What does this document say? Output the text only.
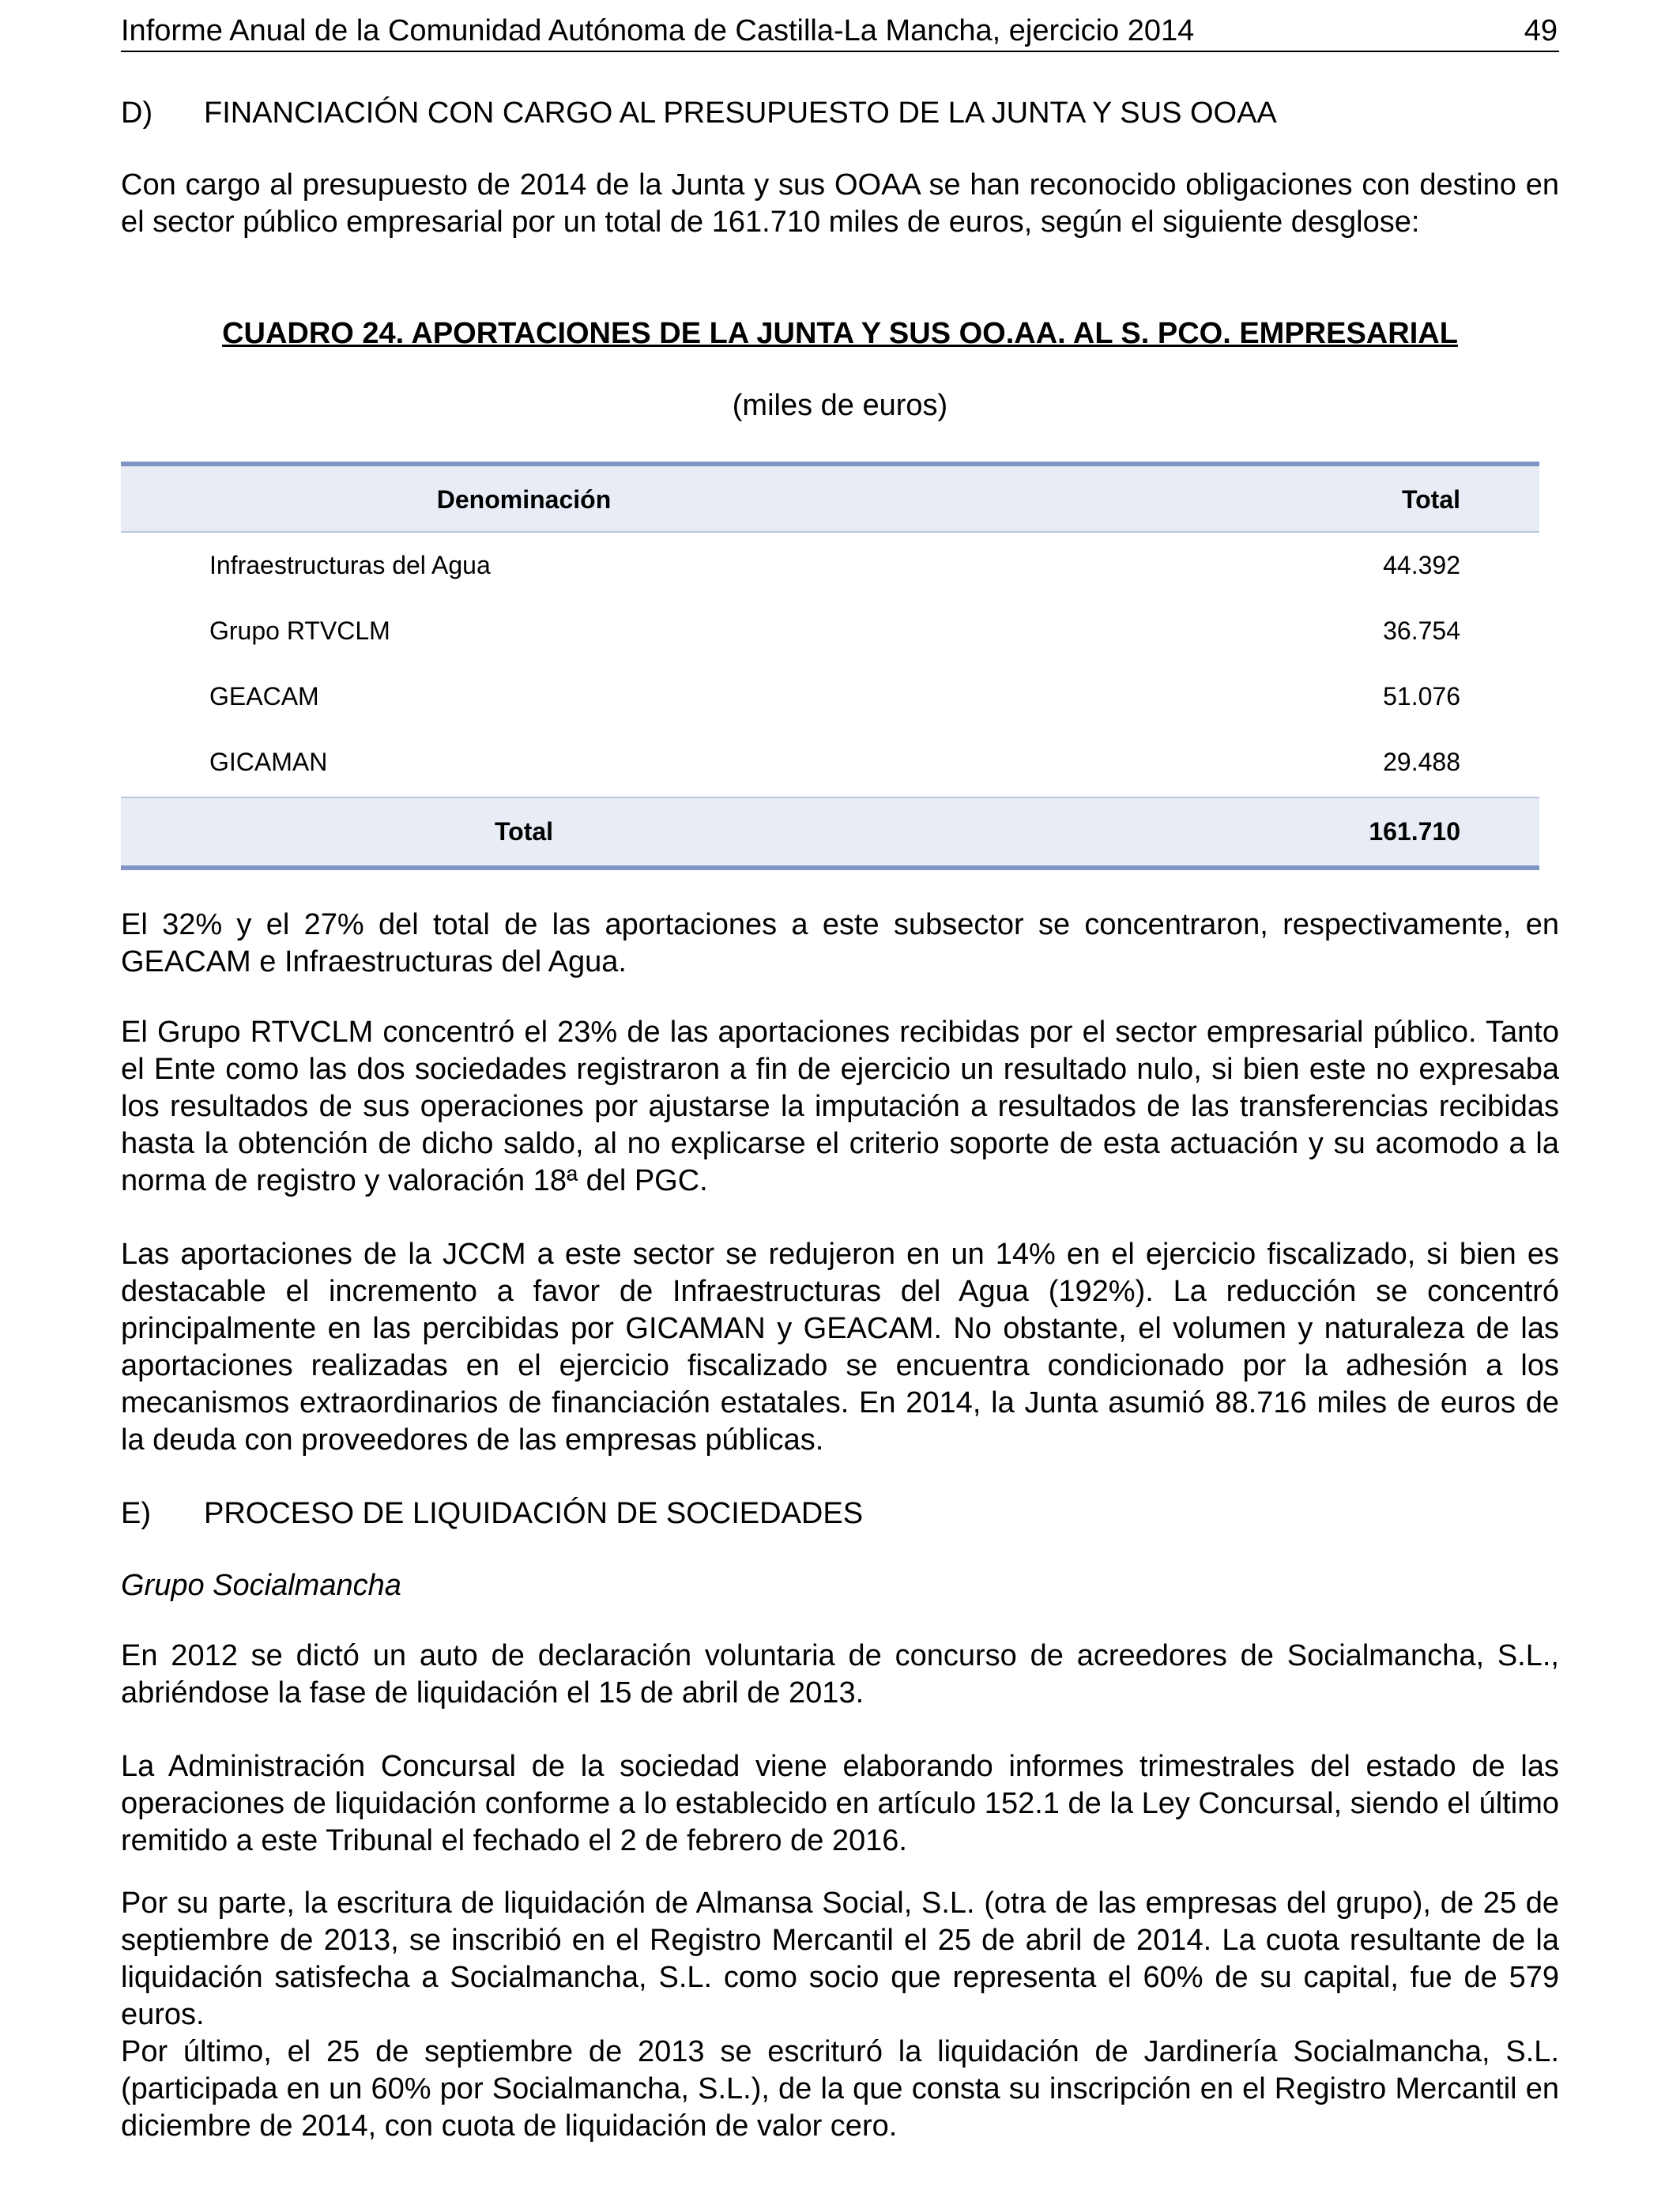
Informe Anual de la Comunidad Autónoma de Castilla-La Mancha, ejercicio 2014	49
D) FINANCIACIÓN CON CARGO AL PRESUPUESTO DE LA JUNTA Y SUS OOAA

Con cargo al presupuesto de 2014 de la Junta y sus OOAA se han reconocido obligaciones con destino en el sector público empresarial por un total de 161.710 miles de euros, según el siguiente desglose:

CUADRO 24. APORTACIONES DE LA JUNTA Y SUS OO.AA. AL S. PCO. EMPRESARIAL
(miles de euros)
Denominación	Total
Infraestructuras del Agua	44.392
Grupo RTVCLM	36.754
GEACAM	51.076
GICAMAN	29.488
Total	161.710

El 32% y el 27% del total de las aportaciones a este subsector se concentraron, respectivamente, en GEACAM e Infraestructuras del Agua.

El Grupo RTVCLM concentró el 23% de las aportaciones recibidas por el sector empresarial público. Tanto el Ente como las dos sociedades registraron a fin de ejercicio un resultado nulo, si bien este no expresaba los resultados de sus operaciones por ajustarse la imputación a resultados de las transferencias recibidas hasta la obtención de dicho saldo, al no explicarse el criterio soporte de esta actuación y su acomodo a la norma de registro y valoración 18ª del PGC.

Las aportaciones de la JCCM a este sector se redujeron en un 14% en el ejercicio fiscalizado, si bien es destacable el incremento a favor de Infraestructuras del Agua (192%). La reducción se concentró principalmente en las percibidas por GICAMAN y GEACAM. No obstante, el volumen y naturaleza de las aportaciones realizadas en el ejercicio fiscalizado se encuentra condicionado por la adhesión a los mecanismos extraordinarios de financiación estatales. En 2014, la Junta asumió 88.716 miles de euros de la deuda con proveedores de las empresas públicas.

E) PROCESO DE LIQUIDACIÓN DE SOCIEDADES
Grupo Socialmancha

En 2012 se dictó un auto de declaración voluntaria de concurso de acreedores de Socialmancha, S.L., abriéndose la fase de liquidación el 15 de abril de 2013.

La Administración Concursal de la sociedad viene elaborando informes trimestrales del estado de las operaciones de liquidación conforme a lo establecido en artículo 152.1 de la Ley Concursal, siendo el último remitido a este Tribunal el fechado el 2 de febrero de 2016.

Por su parte, la escritura de liquidación de Almansa Social, S.L. (otra de las empresas del grupo), de 25 de septiembre de 2013, se inscribió en el Registro Mercantil el 25 de abril de 2014. La cuota resultante de la liquidación satisfecha a Socialmancha, S.L. como socio que representa el 60% de su capital, fue de 579 euros.

Por último, el 25 de septiembre de 2013 se escrituró la liquidación de Jardinería Socialmancha, S.L. (participada en un 60% por Socialmancha, S.L.), de la que consta su inscripción en el Registro Mercantil en diciembre de 2014, con cuota de liquidación de valor cero.
